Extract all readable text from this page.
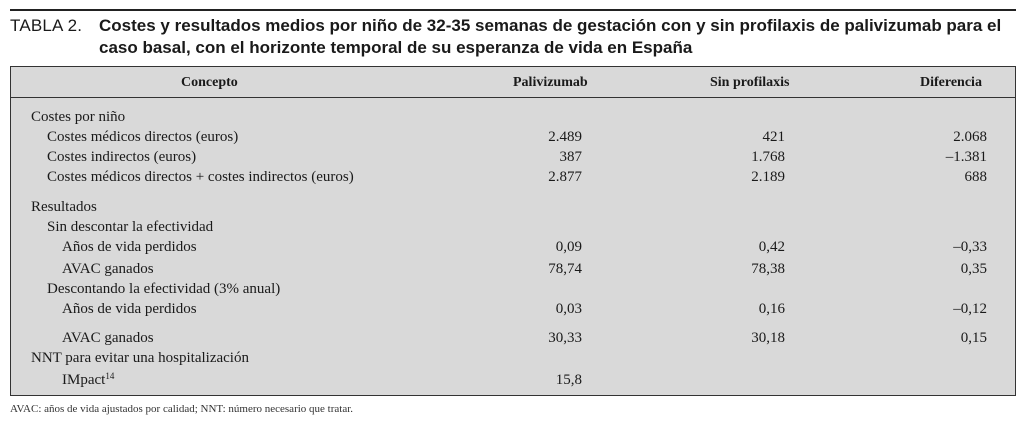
TABLA 2. Costes y resultados medios por niño de 32-35 semanas de gestación con y sin profilaxis de palivizumab para el caso basal, con el horizonte temporal de su esperanza de vida en España
Concepto	Palivizumab	Sin profilaxis	Diferencia
Costes por niño
Costes médicos directos (euros)	2.489	421	2.068
Costes indirectos (euros)	387	1.768	–1.381
Costes médicos directos + costes indirectos (euros)	2.877	2.189	688
Resultados
Sin descontar la efectividad
Años de vida perdidos	0,09	0,42	–0,33
AVAC ganados	78,74	78,38	0,35
Descontando la efectividad (3% anual)
Años de vida perdidos	0,03	0,16	–0,12
AVAC ganados	30,33	30,18	0,15
NNT para evitar una hospitalización
IMpact$^{14}$	15,8
AVAC: años de vida ajustados por calidad; NNT: número necesario que tratar.
